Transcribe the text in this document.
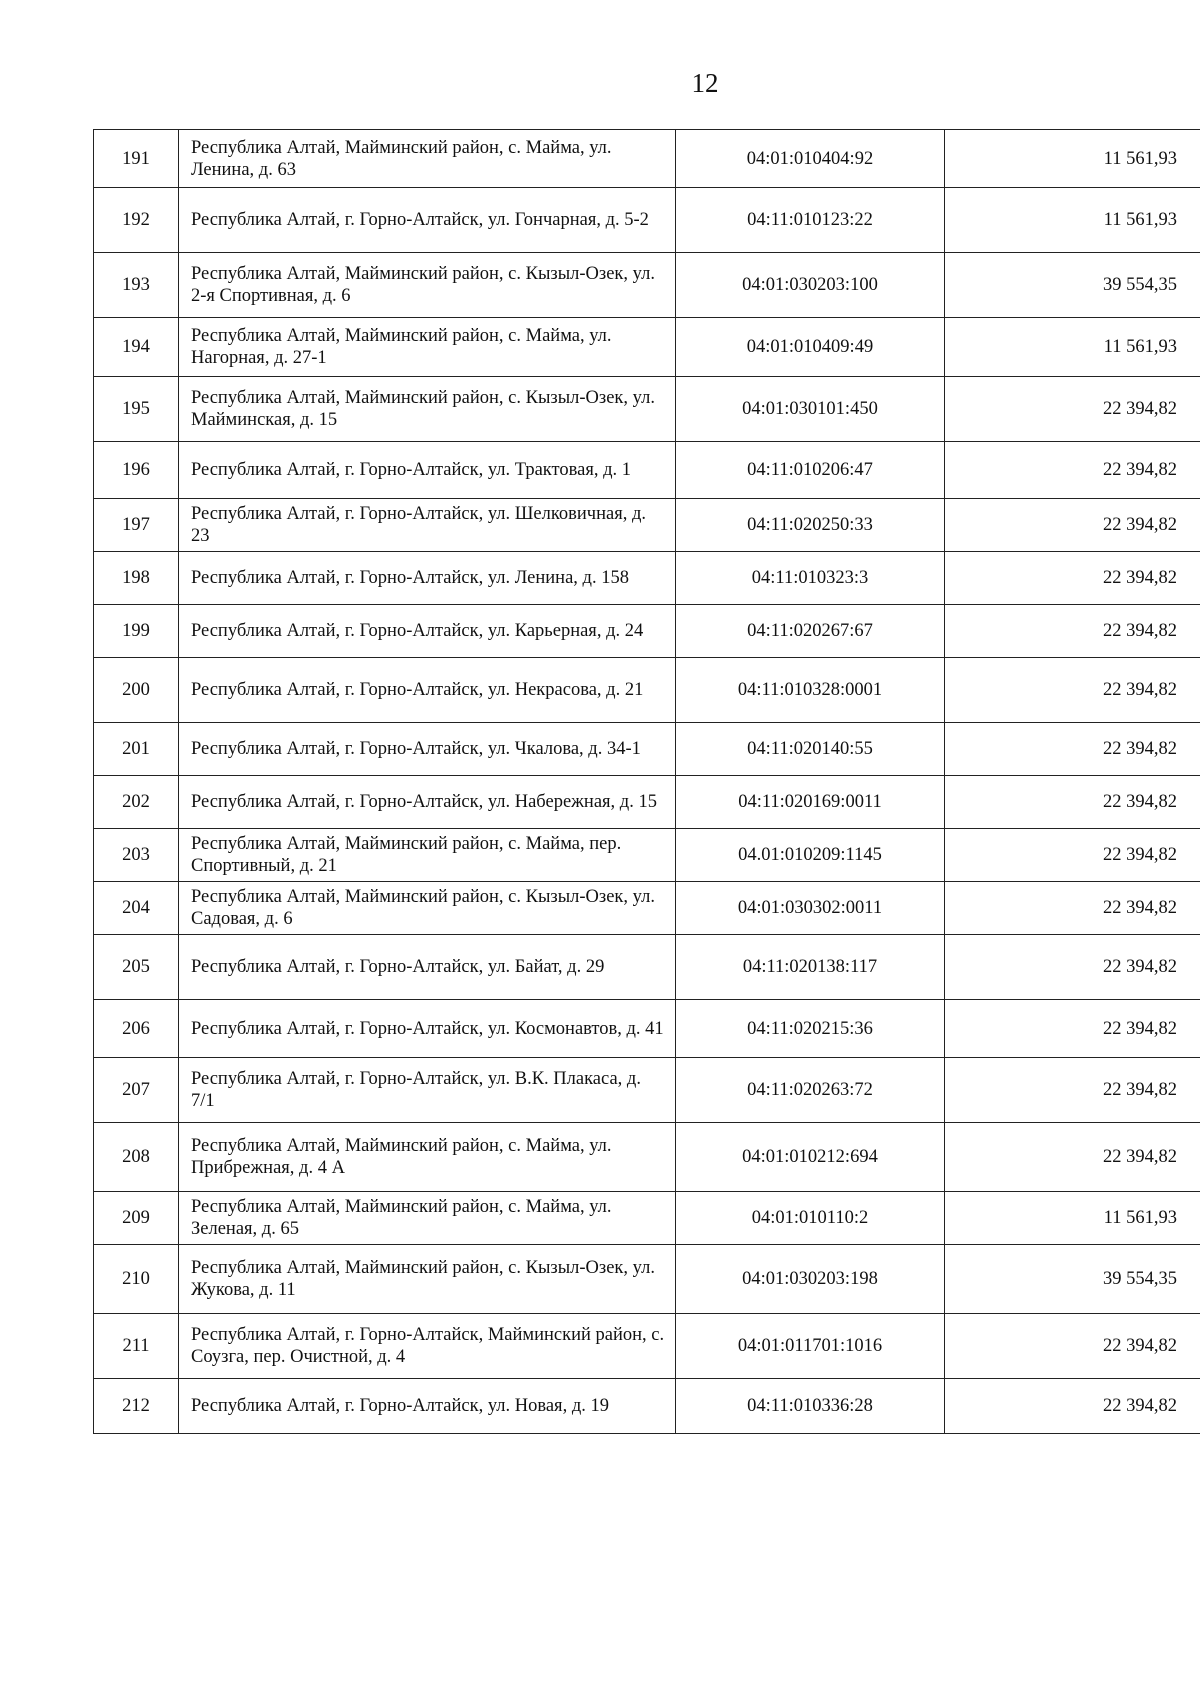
12
191	Республика Алтай, Майминский район, с. Майма, ул. Ленина, д. 63	04:01:010404:92	11 561,93
192	Республика Алтай, г. Горно-Алтайск, ул. Гончарная, д. 5-2	04:11:010123:22	11 561,93
193	Республика Алтай, Майминский район, с. Кызыл-Озек, ул. 2-я Спортивная, д. 6	04:01:030203:100	39 554,35
194	Республика Алтай, Майминский район, с. Майма, ул. Нагорная, д. 27-1	04:01:010409:49	11 561,93
195	Республика Алтай, Майминский район, с. Кызыл-Озек, ул. Майминская, д. 15	04:01:030101:450	22 394,82
196	Республика Алтай, г. Горно-Алтайск, ул. Трактовая, д. 1	04:11:010206:47	22 394,82
197	Республика Алтай, г. Горно-Алтайск, ул. Шелковичная, д. 23	04:11:020250:33	22 394,82
198	Республика Алтай, г. Горно-Алтайск, ул. Ленина, д. 158	04:11:010323:3	22 394,82
199	Республика Алтай, г. Горно-Алтайск, ул. Карьерная, д. 24	04:11:020267:67	22 394,82
200	Республика Алтай, г. Горно-Алтайск, ул. Некрасова, д. 21	04:11:010328:0001	22 394,82
201	Республика Алтай, г. Горно-Алтайск, ул. Чкалова, д. 34-1	04:11:020140:55	22 394,82
202	Республика Алтай, г. Горно-Алтайск, ул. Набережная, д. 15	04:11:020169:0011	22 394,82
203	Республика Алтай, Майминский район, с. Майма, пер. Спортивный, д. 21	04.01:010209:1145	22 394,82
204	Республика Алтай, Майминский район, с. Кызыл-Озек, ул. Садовая, д. 6	04:01:030302:0011	22 394,82
205	Республика Алтай, г. Горно-Алтайск, ул. Байат, д. 29	04:11:020138:117	22 394,82
206	Республика Алтай, г. Горно-Алтайск, ул. Космонавтов, д. 41	04:11:020215:36	22 394,82
207	Республика Алтай, г. Горно-Алтайск, ул. В.К. Плакаса, д. 7/1	04:11:020263:72	22 394,82
208	Республика Алтай, Майминский район, с. Майма, ул. Прибрежная, д. 4 А	04:01:010212:694	22 394,82
209	Республика Алтай, Майминский район, с. Майма, ул. Зеленая, д. 65	04:01:010110:2	11 561,93
210	Республика Алтай, Майминский район, с. Кызыл-Озек, ул. Жукова, д. 11	04:01:030203:198	39 554,35
211	Республика Алтай, г. Горно-Алтайск, Майминский район, с. Соузга, пер. Очистной, д. 4	04:01:011701:1016	22 394,82
212	Республика Алтай, г. Горно-Алтайск, ул. Новая, д. 19	04:11:010336:28	22 394,82
